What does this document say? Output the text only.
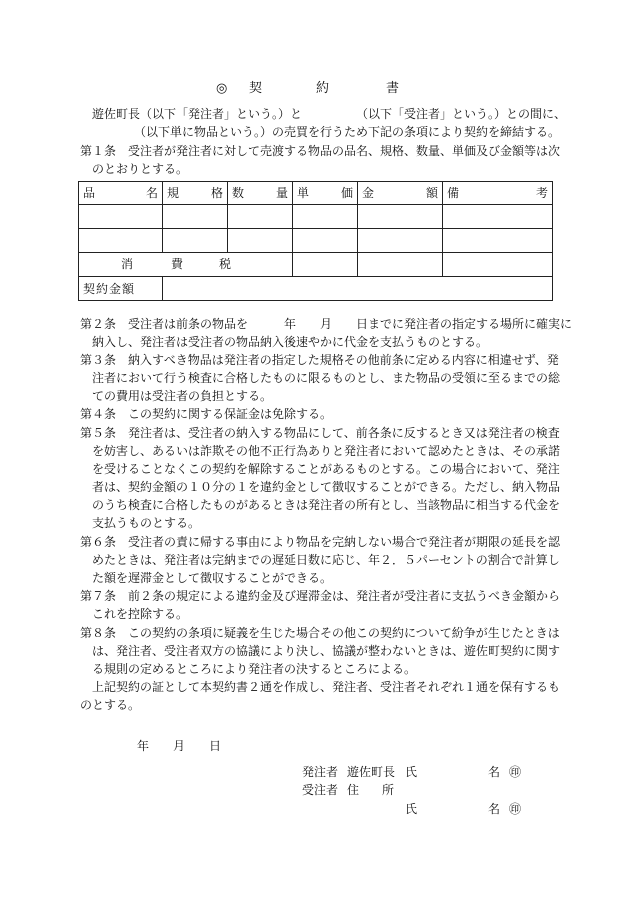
◎ 契	約	書
遊佐町長（以下「発注者」という。）と　　　　　（以下「受注者」という。）との間に、
　　　　（以下単に物品という。）の売買を行うため下記の条項により契約を締結する。
第１条　受注者が発注者に対して売渡する物品の品名、規格、数量、単価及び金額等は次
　のとおりとする。
品 名	規 格	数 量	単 価	金 額	備 考

消 費 税					

契約金額					
第２条　受注者は前条の物品を　　　年　　月　　日までに発注者の指定する場所に確実に
　納入し、発注者は受注者の物品納入後速やかに代金を支払うものとする。
第３条　納入すべき物品は発注者の指定した規格その他前条に定める内容に相違せず、発
　注者において行う検査に合格したものに限るものとし、また物品の受領に至るまでの総
　ての費用は受注者の負担とする。
第４条　この契約に関する保証金は免除する。
第５条　発注者は、受注者の納入する物品にして、前各条に反するとき又は発注者の検査
　を妨害し、あるいは詐欺その他不正行為ありと発注者において認めたときは、その承諾
　を受けることなくこの契約を解除することがあるものとする。この場合において、発注
　者は、契約金額の１０分の１を違約金として徴収することができる。ただし、納入物品
　のうち検査に合格したものがあるときは発注者の所有とし、当該物品に相当する代金を
　支払うものとする。
第６条　受注者の責に帰する事由により物品を完納しない場合で発注者が期限の延長を認
　めたときは、発注者は完納までの遅延日数に応じ、年２．５パーセントの割合で計算し
　た額を遅滞金として徴収することができる。
第７条　前２条の規定による違約金及び遅滞金は、発注者が受注者に支払うべき金額から
　これを控除する。
第８条　この契約の条項に疑義を生じた場合その他この契約について紛争が生じたときは
　は、発注者、受注者双方の協議により決し、協議が整わないときは、遊佐町契約に関す
　る規則の定めるところにより発注者の決するところによる。
　上記契約の証として本契約書２通を作成し、発注者、受注者それぞれ１通を保有するも
のとする。
年 月 日
発注者 遊佐町長 氏	名 ㊞
受注者 住 所
氏	名 ㊞
